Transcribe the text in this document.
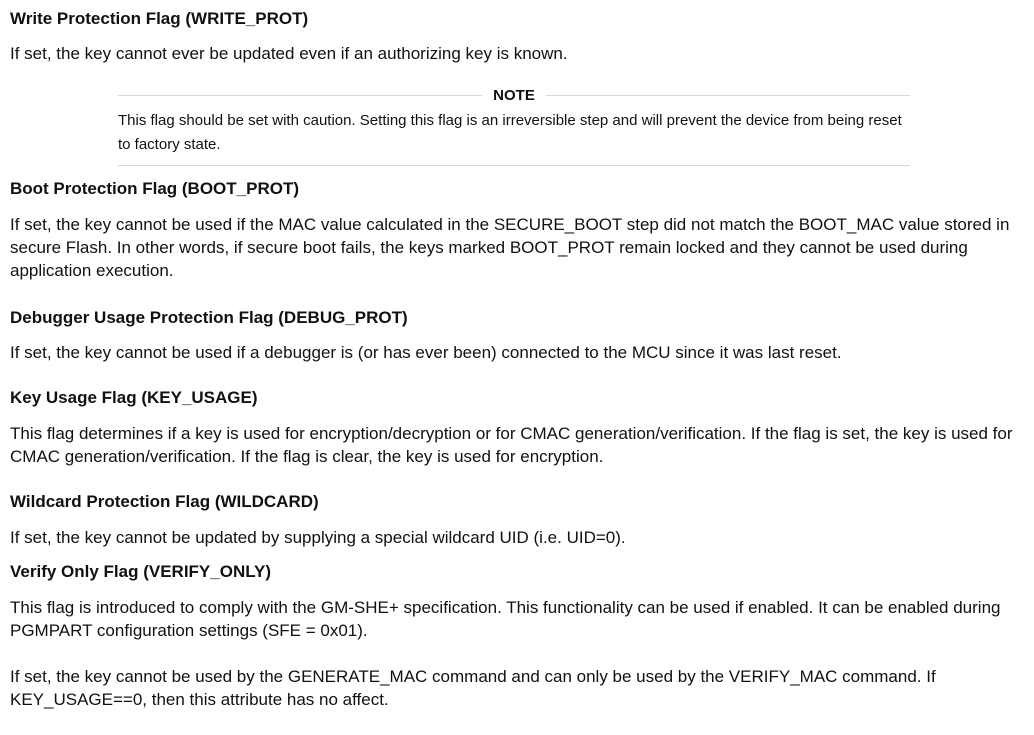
Write Protection Flag (WRITE_PROT)

If set, the key cannot ever be updated even if an authorizing key is known.

NOTE
This flag should be set with caution. Setting this flag is an irreversible step and will prevent the device from being reset to factory state.
Boot Protection Flag (BOOT_PROT)

If set, the key cannot be used if the MAC value calculated in the SECURE_BOOT step did not match the BOOT_MAC value stored in secure Flash. In other words, if secure boot fails, the keys marked BOOT_PROT remain locked and they cannot be used during application execution.

Debugger Usage Protection Flag (DEBUG_PROT)

If set, the key cannot be used if a debugger is (or has ever been) connected to the MCU since it was last reset.

Key Usage Flag (KEY_USAGE)

This flag determines if a key is used for encryption/decryption or for CMAC generation/verification. If the flag is set, the key is used for CMAC generation/verification. If the flag is clear, the key is used for encryption.

Wildcard Protection Flag (WILDCARD)

If set, the key cannot be updated by supplying a special wildcard UID (i.e. UID=0).

Verify Only Flag (VERIFY_ONLY)

This flag is introduced to comply with the GM-SHE+ specification. This functionality can be used if enabled. It can be enabled during PGMPART configuration settings (SFE = 0x01).

If set, the key cannot be used by the GENERATE_MAC command and can only be used by the VERIFY_MAC command. If KEY_USAGE==0, then this attribute has no affect.
